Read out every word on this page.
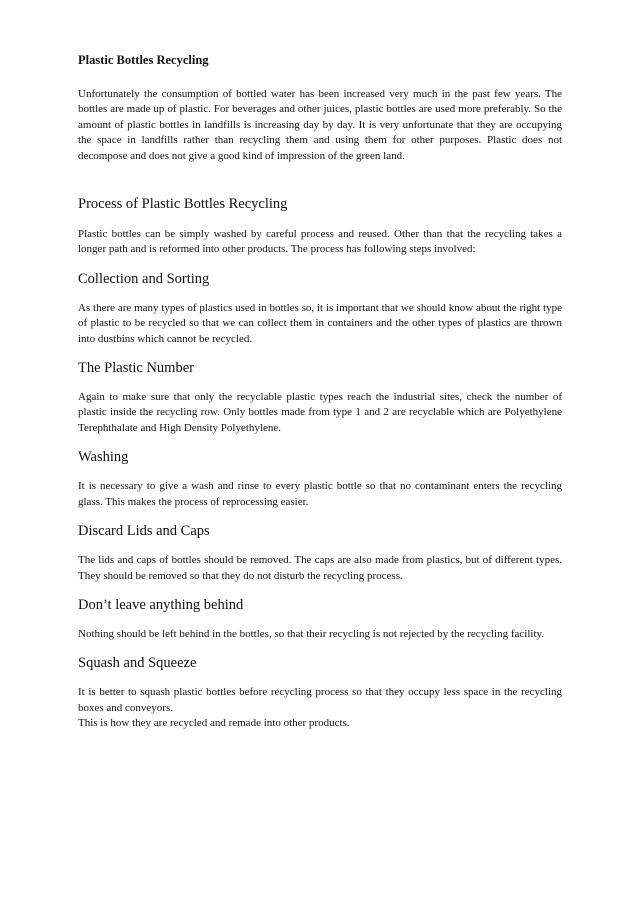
Plastic Bottles Recycling

Unfortunately the consumption of bottled water has been increased very much in the past few years. The bottles are made up of plastic. For beverages and other juices, plastic bottles are used more preferably. So the amount of plastic bottles in landfills is increasing day by day. It is very unfortunate that they are occupying the space in landfills rather than recycling them and using them for other purposes. Plastic does not decompose and does not give a good kind of impression of the green land.

Process of Plastic Bottles Recycling

Plastic bottles can be simply washed by careful process and reused. Other than that the recycling takes a longer path and is reformed into other products. The process has following steps involved:

Collection and Sorting

As there are many types of plastics used in bottles so, it is important that we should know about the right type of plastic to be recycled so that we can collect them in containers and the other types of plastics are thrown into dustbins which cannot be recycled.

The Plastic Number

Again to make sure that only the recyclable plastic types reach the industrial sites, check the number of plastic inside the recycling row. Only bottles made from type 1 and 2 are recyclable which are Polyethylene Terephthalate and High Density Polyethylene.

Washing

It is necessary to give a wash and rinse to every plastic bottle so that no contaminant enters the recycling glass. This makes the process of reprocessing easier.

Discard Lids and Caps

The lids and caps of bottles should be removed. The caps are also made from plastics, but of different types. They should be removed so that they do not disturb the recycling process.

Don’t leave anything behind

Nothing should be left behind in the bottles, so that their recycling is not rejected by the recycling facility.

Squash and Squeeze

It is better to squash plastic bottles before recycling process so that they occupy less space in the recycling boxes and conveyors.

This is how they are recycled and remade into other products.
